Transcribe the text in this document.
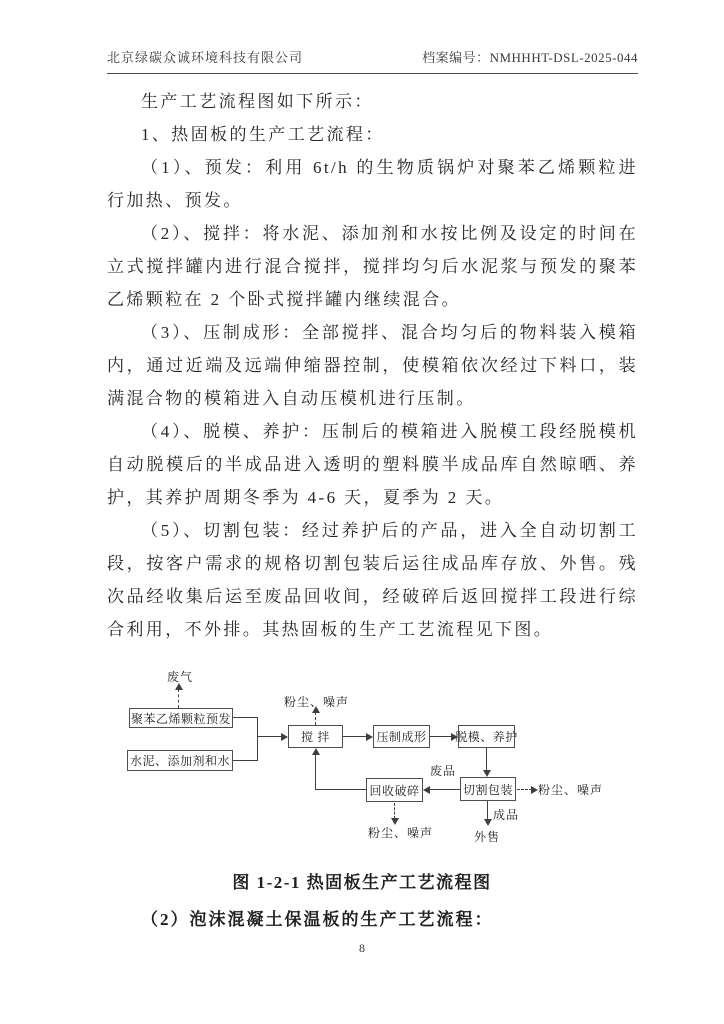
北京绿碳众诚环境科技有限公司	档案编号：NMHHHT-DSL-2025-044

生产工艺流程图如下所示：

1、热固板的生产工艺流程：

（1）、预发：利用 6t/h 的生物质锅炉对聚苯乙烯颗粒进行加热、预发。

（2）、搅拌：将水泥、添加剂和水按比例及设定的时间在立式搅拌罐内进行混合搅拌，搅拌均匀后水泥浆与预发的聚苯乙烯颗粒在 2 个卧式搅拌罐内继续混合。

（3）、压制成形：全部搅拌、混合均匀后的物料装入模箱内，通过近端及远端伸缩器控制，使模箱依次经过下料口，装满混合物的模箱进入自动压模机进行压制。

（4）、脱模、养护：压制后的模箱进入脱模工段经脱模机自动脱模后的半成品进入透明的塑料膜半成品库自然晾晒、养护，其养护周期冬季为 4-6 天，夏季为 2 天。

（5）、切割包装：经过养护后的产品，进入全自动切割工段，按客户需求的规格切割包装后运往成品库存放、外售。残次品经收集后运至废品回收间，经破碎后返回搅拌工段进行综合利用，不外排。其热固板的生产工艺流程见下图。

聚苯乙烯颗粒预发
水泥、添加剂和水
搅 拌	压制成形 脱模、养护
切割包装
回收破碎
废气
粉尘、噪声
废品
粉尘、噪声
成品
外售
粉尘、噪声
图 1-2-1 热固板生产工艺流程图
（2）泡沫混凝土保温板的生产工艺流程：
8
